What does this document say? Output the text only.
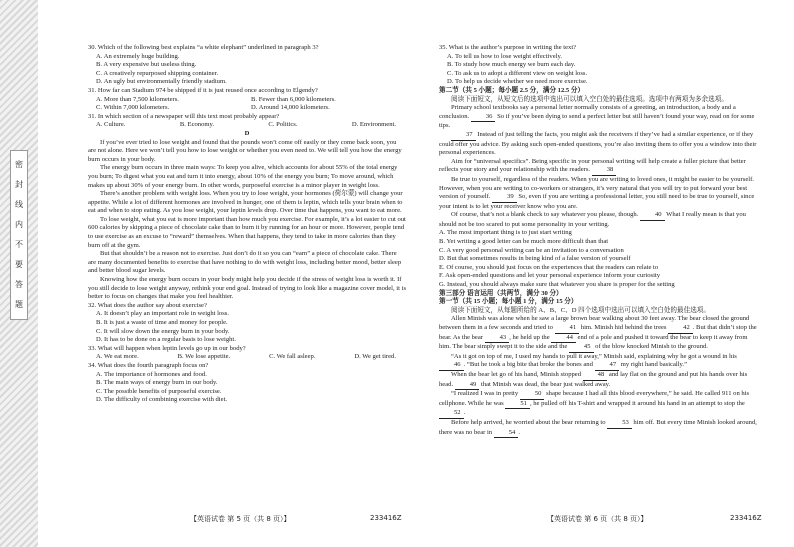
密
封
线
内
不
要
答
题

30. Which of the following best explains “a white elephant” underlined in paragraph 3?

A. An extremely huge building.

B. A very expensive but useless thing.

C. A creatively repurposed shipping container.

D. An ugly but environmentally friendly stadium.

31. How far can Stadium 974 be shipped if it is just reused once according to Elgendy?

A. More than 7,500 kilometers.	B. Fewer than 6,000 kilometers.
C. Within 7,000 kilometers.	D. Around 14,000 kilometers.

31. In which section of a newspaper will this text most probably appear?

A. Culture.	B. Economy.	C. Politics.	D. Environment.

D

If you’ve ever tried to lose weight and found that the pounds won’t come off easily or they come back soon, you are not alone. Here we won’t tell you how to lose weight or whether you even need to. We will tell you how the energy burn occurs in your body.

The energy burn occurs in three main ways: To keep you alive, which accounts for about 55% of the total energy you burn; To digest what you eat and turn it into energy, about 10% of the energy you burn; To move around, which makes up about 30% of your energy burn. In other words, purposeful exercise is a minor player in weight loss.

There’s another problem with weight loss. When you try to lose weight, your hormones (荷尔蒙) will change your appetite. While a lot of different hormones are involved in hunger, one of them is leptin, which tells your brain when to eat and when to stop eating. As you lose weight, your leptin levels drop. Over time that happens, you want to eat more.

To lose weight, what you eat is more important than how much you exercise. For example, it’s a lot easier to cut out 600 calories by skipping a piece of chocolate cake than to burn it by running for an hour or more. However, people tend to use exercise as an excuse to “reward” themselves. When that happens, they tend to take in more calories than they burn off at the gym.

But that shouldn’t be a reason not to exercise. Just don’t do it so you can “earn” a piece of chocolate cake. There are many documented benefits to exercise that have nothing to do with weight loss, including better mood, better sleep and better blood sugar levels.

Knowing how the energy burn occurs in your body might help you decide if the stress of weight loss is worth it. If you still decide to lose weight anyway, rethink your end goal. Instead of trying to look like a magazine cover model, it is better to focus on changes that make you feel healthier.

32. What does the author say about exercise?

A. It doesn’t play an important role in weight loss.

B. It is just a waste of time and money for people.

C. It will slow down the energy burn in your body.

D. It has to be done on a regular basis to lose weight.

33. What will happen when leptin levels go up in our body?

A. We eat more.	B. We lose appetite.	C. We fall asleep.	D. We get tired.

34. What does the fourth paragraph focus on?

A. The importance of hormones and food.

B. The main ways of energy burn in our body.

C. The possible benefits of purposeful exercise.

D. The difficulty of combining exercise with diet.

35. What is the author’s purpose in writing the text?

A. To tell us how to lose weight effectively.

B. To study how much energy we burn each day.

C. To ask us to adopt a different view on weight loss.

D. To help us decide whether we need more exercise.

第二节（共 5 小题；每小题 2.5 分，满分 12.5 分）

阅读下面短文，从短文后的选项中选出可以填入空白处的最佳选项。选项中有两项为多余选项。

Primary school textbooks say a personal letter normally consists of a greeting, an introduction, a body and a conclusion.	36 So if you’ve been dying to send a perfect letter but still haven’t found your way, read on for some tips.

37 Instead of just telling the facts, you might ask the receivers if they’ve had a similar experience, or if they could offer you advice. By asking such open-ended questions, you’re also inviting them to offer you a window into their personal experiences.

Aim for “universal specifics”. Being specific in your personal writing will help create a fuller picture that better reflects your story and your relationship with the readers.	38

Be true to yourself, regardless of the readers. When you are writing to loved ones, it might be easier to be yourself. However, when you are writing to co-workers or strangers, it’s very natural that you will try to put forward your best version of yourself.	39 So, even if you are writing a professional letter, you still need to be true to yourself, since your intent is to let your receiver know who you are.

Of course, that’s not a blank check to say whatever you please, though.	40 What I really mean is that you should not be too scared to put some personality in your writing.

A. The most important thing is to just start writing

B. Yet writing a good letter can be much more difficult than that

C. A very good personal writing can be an invitation to a conversation

D. But that sometimes results in being kind of a false version of yourself

E. Of course, you should just focus on the experiences that the readers can relate to

F. Ask open-ended questions and let your personal experience inform your curiosity

G. Instead, you should always make sure that whatever you share is proper for the setting

第三部分 语言运用（共两节，满分 30 分）

第一节（共 15 小题；每小题 1 分，满分 15 分）

阅读下面短文，从每题所给的 A、B、C、D 四个选项中选出可以填入空白处的最佳选项。

Allen Minish was alone when he saw a large brown bear walking about 30 feet away. The bear closed the ground between them in a few seconds and tried to 41 him. Minish hid behind the trees 42 . But that didn’t stop the bear. As the bear 43 , he held up the 44 end of a pole and pushed it toward the bear to keep it away from him. The bear simply swept it to the side and the 45 of the blow knocked Minish to the ground.

“As it got on top of me, I used my hands to pull it away,” Minish said, explaining why he got a wound in his 46 . “But he took a big bite that broke the bones and 47 my right hand basically.”

When the bear let go of his hand, Minish stopped 48 and lay flat on the ground and put his hands over his head. 49 that Minish was dead, the bear just walked away.

“I realized I was in pretty 50 shape because I had all this blood everywhere,” he said. He called 911 on his cellphone. While he was 51 , he pulled off his T-shirt and wrapped it around his hand in an attempt to stop the 52 .

Before help arrived, he worried about the bear returning to 53 him off. But every time Minish looked around, there was no bear in 54 .

【英语试卷 第 5 页（共 8 页）】	233416Z	【英语试卷 第 6 页（共 8 页）】	233416Z
